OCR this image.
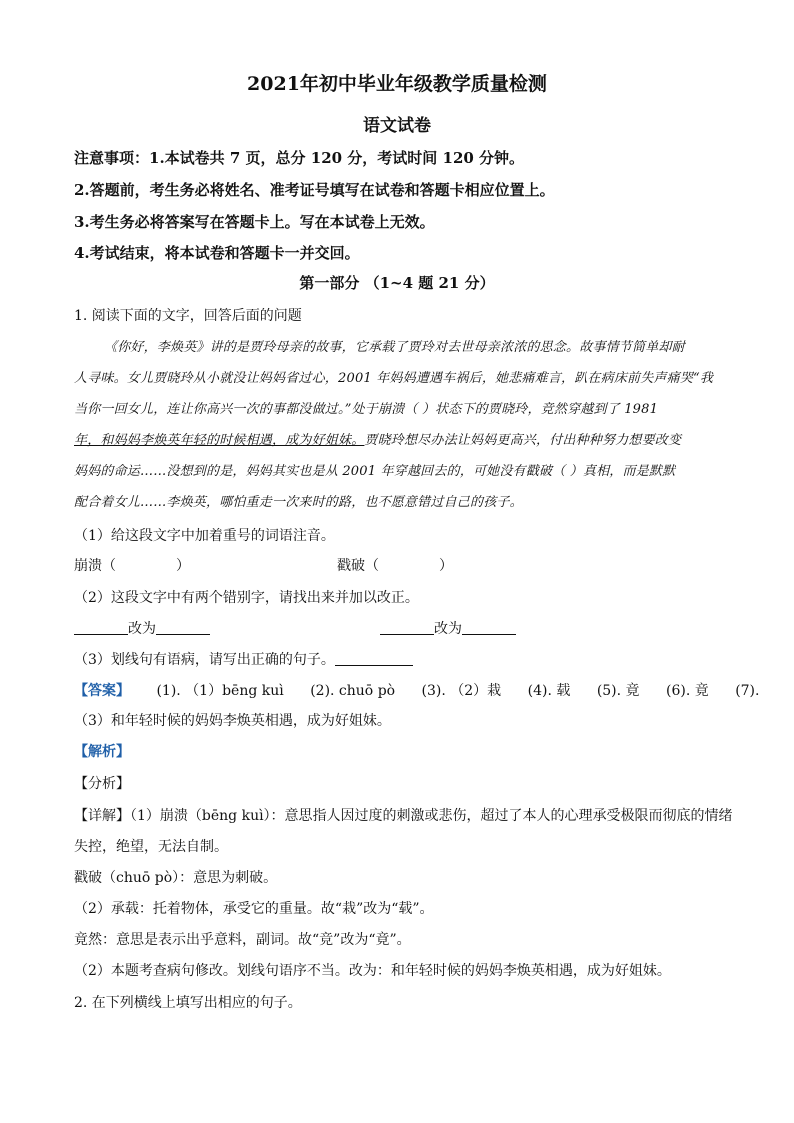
2021年初中毕业年级教学质量检测
语文试卷
注意事项：1.本试卷共 7 页，总分 120 分，考试时间 120 分钟。
2.答题前，考生务必将姓名、准考证号填写在试卷和答题卡相应位置上。
3.考生务必将答案写在答题卡上。写在本试卷上无效。
4.考试结束，将本试卷和答题卡一并交回。
第一部分 （1~4 题 21 分）
1. 阅读下面的文字，回答后面的问题
《你好，李焕英》讲的是贾玲母亲的故事，它承载了贾玲对去世母亲浓浓的思念。故事情节简单却耐
人寻味。女儿贾晓玲从小就没让妈妈省过心，2001 年妈妈遭遇车祸后，她悲痛难言，趴在病床前失声痛哭“我
当你一回女儿，连让你高兴一次的事都没做过。”处于崩溃（ ）状态下的贾晓玲，竞然穿越到了 1981
年，和妈妈李焕英年轻的时候相遇，成为好姐妹。贾晓玲想尽办法让妈妈更高兴，付出种种努力想要改变
妈妈的命运……没想到的是，妈妈其实也是从 2001 年穿越回去的，可她没有戳破（ ）真相，而是默默
配合着女儿……李焕英，哪怕重走一次来时的路，也不愿意错过自己的孩子。
（1）给这段文字中加着重号的词语注音。
崩溃（	）	戳破（	）
（2）这段文字中有两个错别字，请找出来并加以改正。
改为	改为
（3）划线句有语病，请写出正确的句子。
【答案】 (1). （1）bēng kuì (2). chuō pò (3). （2）栽 (4). 载 (5). 竟 (6). 竟 (7).
（3）和年轻时候的妈妈李焕英相遇，成为好姐妹。
【解析】
【分析】
【详解】（1）崩溃（bēng kuì）：意思指人因过度的刺激或悲伤，超过了本人的心理承受极限而彻底的情绪
失控，绝望，无法自制。
戳破（chuō pò）：意思为刺破。
（2）承载：托着物体，承受它的重量。故“栽”改为“载”。
竟然：意思是表示出乎意料，副词。故“竞”改为“竟”。
（2）本题考查病句修改。划线句语序不当。改为：和年轻时候的妈妈李焕英相遇，成为好姐妹。
2. 在下列横线上填写出相应的句子。
